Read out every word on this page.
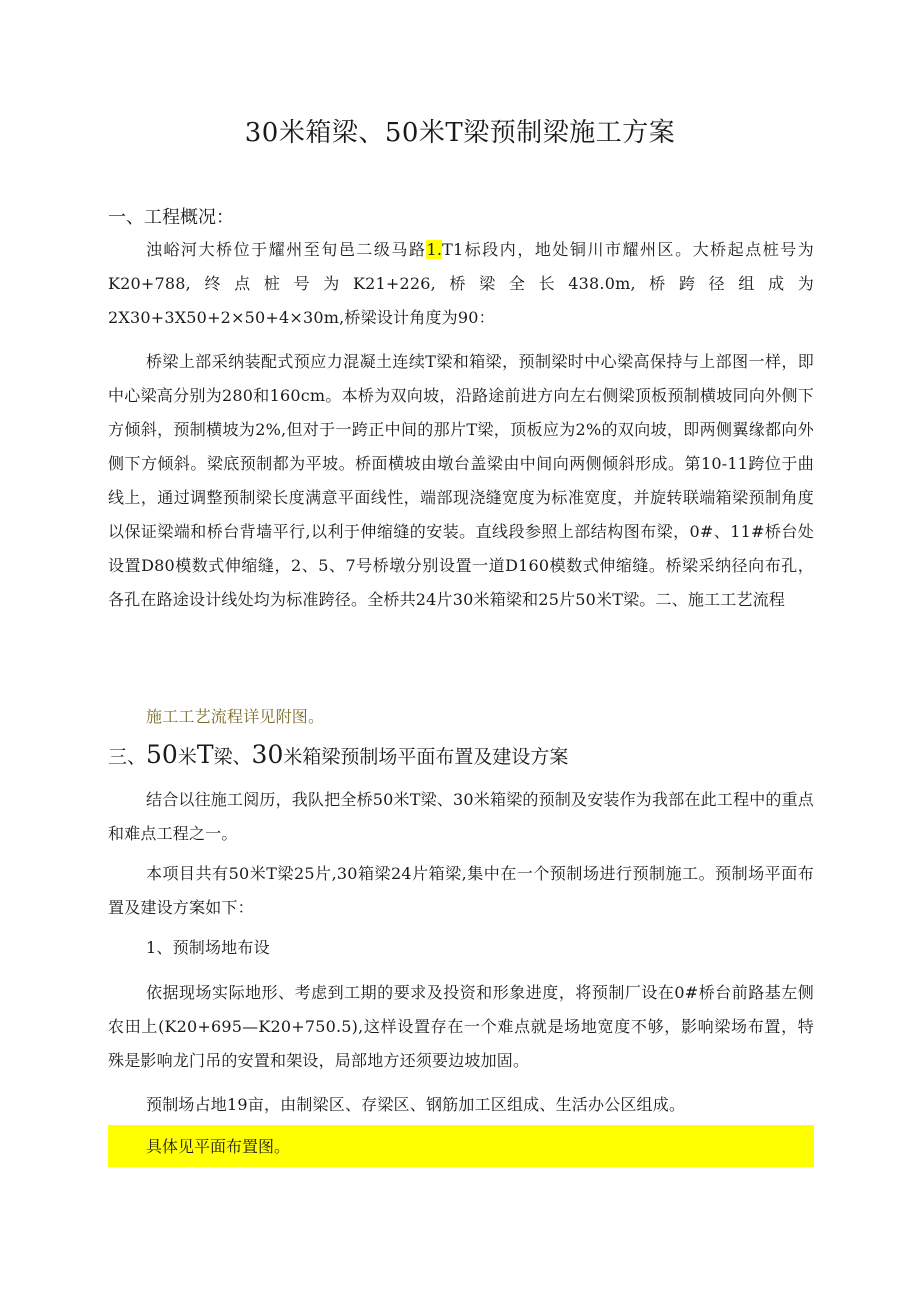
30米箱梁、50米T梁预制梁施工方案

一、工程概况：

浊峪河大桥位于耀州至旬邑二级马路1.T1标段内，地处铜川市耀州区。大桥起点桩号为K20+788,终点桩号为K21+226,桥梁全长438.0m,桥跨径组成为2X30+3X50+2×50+4×30m,桥梁设计角度为90：

桥梁上部采纳装配式预应力混凝土连续T梁和箱梁，预制梁时中心梁高保持与上部图一样，即中心梁高分别为280和160cm。本桥为双向坡，沿路途前进方向左右侧梁顶板预制横坡同向外侧下方倾斜，预制横坡为2%,但对于一跨正中间的那片T梁，顶板应为2%的双向坡，即两侧翼缘都向外侧下方倾斜。梁底预制都为平坡。桥面横坡由墩台盖梁由中间向两侧倾斜形成。第10-11跨位于曲线上，通过调整预制梁长度满意平面线性，端部现浇缝宽度为标准宽度，并旋转联端箱梁预制角度以保证梁端和桥台背墙平行,以利于伸缩缝的安装。直线段参照上部结构图布梁，0#、11#桥台处设置D80模数式伸缩缝，2、5、7号桥墩分别设置一道D160模数式伸缩缝。桥梁采纳径向布孔，各孔在路途设计线处均为标准跨径。全桥共24片30米箱梁和25片50米T梁。二、施工工艺流程

施工工艺流程详见附图。

三、50米T梁、30米箱梁预制场平面布置及建设方案

结合以往施工阅历，我队把全桥50米T梁、30米箱梁的预制及安装作为我部在此工程中的重点和难点工程之一。

本项目共有50米T梁25片,30箱梁24片箱梁,集中在一个预制场进行预制施工。预制场平面布置及建设方案如下：

1、预制场地布设

依据现场实际地形、考虑到工期的要求及投资和形象进度，将预制厂设在0#桥台前路基左侧农田上(K20+695—K20+750.5),这样设置存在一个难点就是场地宽度不够，影响梁场布置，特殊是影响龙门吊的安置和架设，局部地方还须要边坡加固。

预制场占地19亩，由制梁区、存梁区、钢筋加工区组成、生活办公区组成。

具体见平面布置图。
